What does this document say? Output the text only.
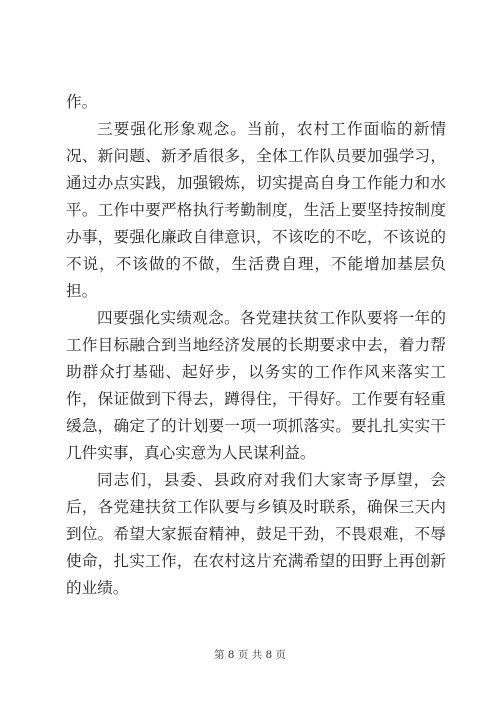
作。

三要强化形象观念。当前，农村工作面临的新情况、新问题、新矛盾很多，全体工作队员要加强学习，通过办点实践，加强锻炼，切实提高自身工作能力和水平。工作中要严格执行考勤制度，生活上要坚持按制度办事，要强化廉政自律意识，不该吃的不吃，不该说的不说，不该做的不做，生活费自理，不能增加基层负担。

四要强化实绩观念。各党建扶贫工作队要将一年的工作目标融合到当地经济发展的长期要求中去，着力帮助群众打基础、起好步，以务实的工作作风来落实工作，保证做到下得去，蹲得住，干得好。工作要有轻重缓急，确定了的计划要一项一项抓落实。要扎扎实实干几件实事，真心实意为人民谋利益。

同志们，县委、县政府对我们大家寄予厚望，会后，各党建扶贫工作队要与乡镇及时联系，确保三天内到位。希望大家振奋精神，鼓足干劲，不畏艰难，不辱使命，扎实工作，在农村这片充满希望的田野上再创新的业绩。

第 8 页 共 8 页
